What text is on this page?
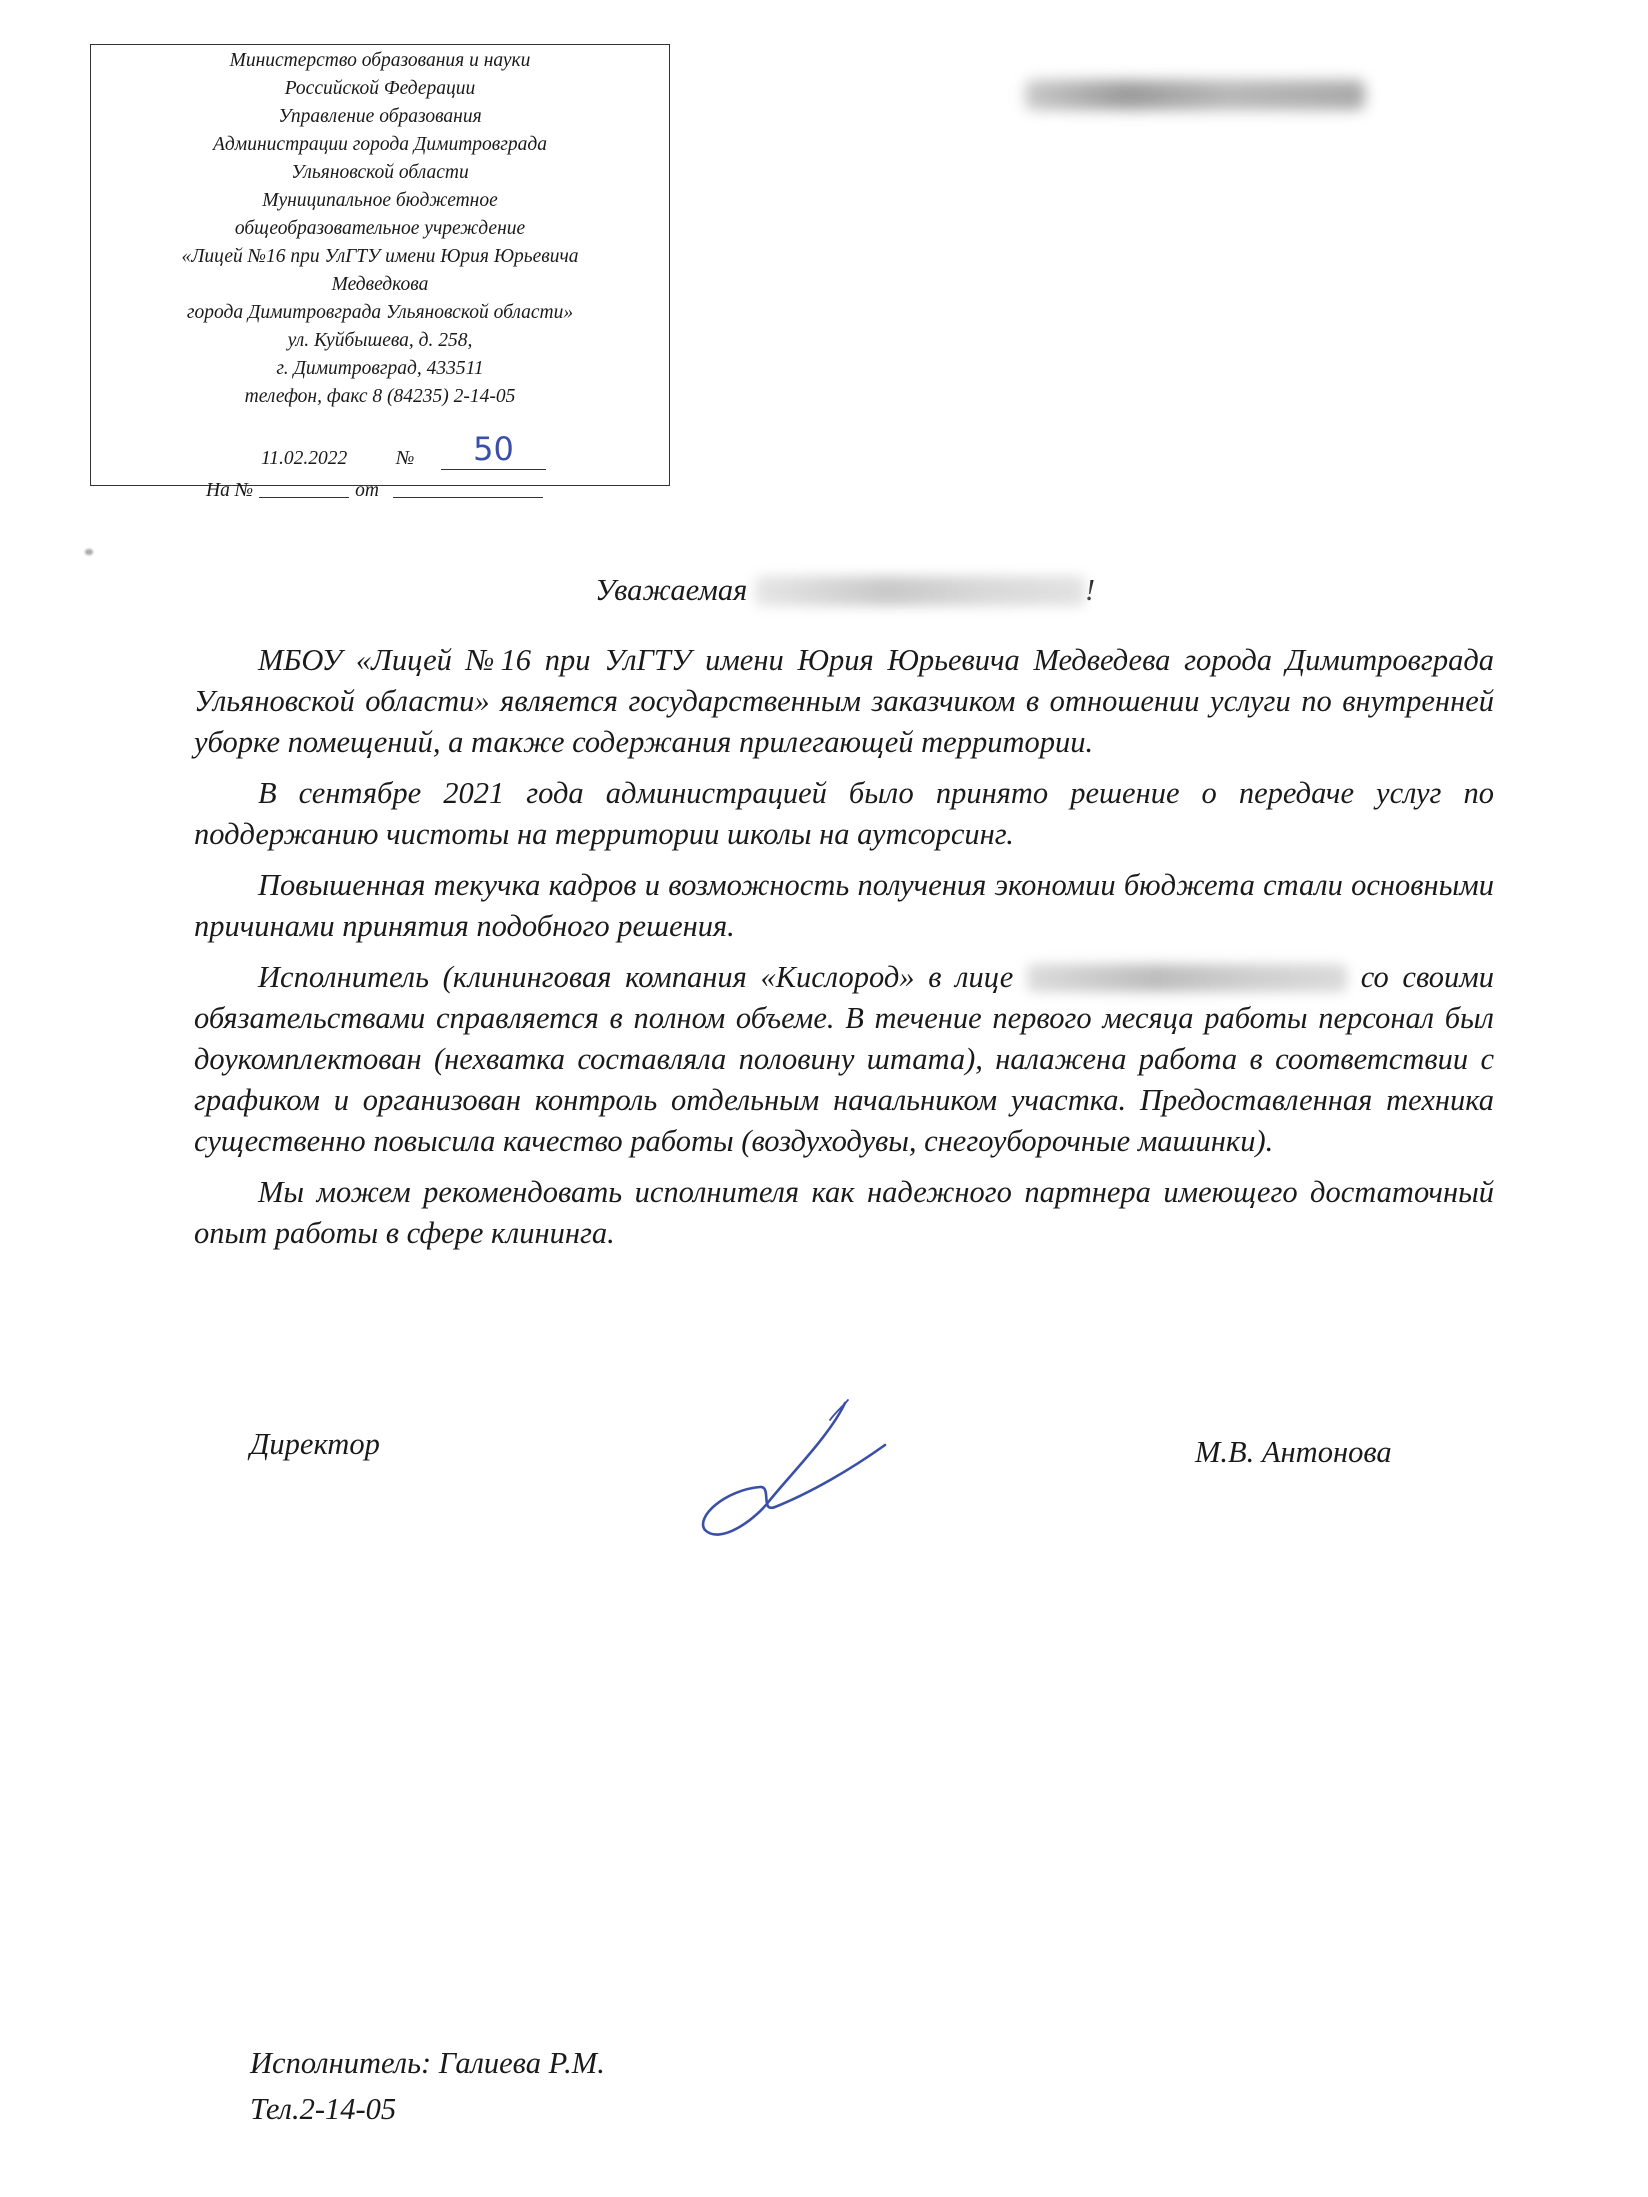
Министерство образования и науки
Российской Федерации
Управление образования
Администрации города Димитровграда
Ульяновской области
Муниципальное бюджетное
общеобразовательное учреждение
«Лицей №16 при УлГТУ имени Юрия Юрьевича
Медведкова
города Димитровграда Ульяновской области»
ул. Куйбышева, д. 258,
г. Димитровград, 433511
телефон, факс 8 (84235) 2-14-05
11.02.2022 №	50
На №	от
Уважаемая	!

МБОУ «Лицей №16 при УлГТУ имени Юрия Юрьевича Медведева города Димитровграда Ульяновской области» является государственным заказчиком в отношении услуги по внутренней уборке помещений, а также содержания прилегающей территории.

В сентябре 2021 года администрацией было принято решение о передаче услуг по поддержанию чистоты на территории школы на аутсорсинг.

Повышенная текучка кадров и возможность получения экономии бюджета стали основными причинами принятия подобного решения.

Исполнитель (клининговая компания «Кислород» в лице	со своими обязательствами справляется в полном объеме. В течение первого месяца работы персонал был доукомплектован (нехватка составляла половину штата), налажена работа в соответствии с графиком и организован контроль отдельным начальником участка. Предоставленная техника существенно повысила качество работы (воздуходувы, снегоуборочные машинки).

Мы можем рекомендовать исполнителя как надежного партнера имеющего достаточный опыт работы в сфере клининга.

Директор	М.В. Антонова
Исполнитель: Галиева Р.М.
Тел.2-14-05
